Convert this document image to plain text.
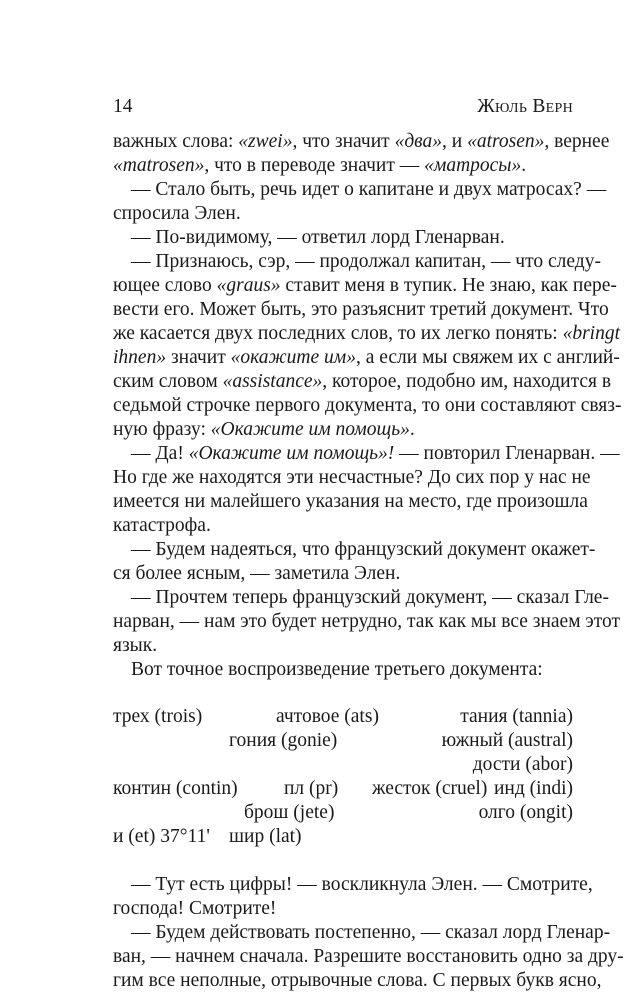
14	Жюль Верн
важных слова: «zwei», что значит «два», и «atrosen», вернее
«matrosen», что в переводе значит — «матросы».
— Стало быть, речь идет о капитане и двух матросах? —
спросила Элен.
— По-видимому, — ответил лорд Гленарван.
— Признаюсь, сэр, — продолжал капитан, — что следу-
ющее слово «graus» ставит меня в тупик. Не знаю, как пере-
вести его. Может быть, это разъяснит третий документ. Что
же касается двух последних слов, то их легко понять: «bringt
ihnen» значит «окажите им», а если мы свяжем их с англий-
ским словом «assistance», которое, подобно им, находится в
седьмой строчке первого документа, то они составляют связ-
ную фразу: «Окажите им помощь».
— Да! «Окажите им помощь»! — повторил Гленарван. —
Но где же находятся эти несчастные? До сих пор у нас не
имеется ни малейшего указания на место, где произошла
катастрофа.
— Будем надеяться, что французский документ окажет-
ся более ясным, — заметила Элен.
— Прочтем теперь французский документ, — сказал Гле-
нарван, — нам это будет нетрудно, так как мы все знаем этот
язык.
Вот точное воспроизведение третьего документа:
трех (trois)	ачтовое (ats)	тания (tannia)
гония (gonie)	южный (austral)
дости (abor)
контин (contin) пл (pr) жесток (cruel) инд (indi)
брош (jete)	олго (ongit)
и (et) 37°11' шир (lat)
— Тут есть цифры! — воскликнула Элен. — Смотрите,
господа! Смотрите!
— Будем действовать постепенно, — сказал лорд Гленар-
ван, — начнем сначала. Разрешите восстановить одно за дру-
гим все неполные, отрывочные слова. С первых букв ясно,
